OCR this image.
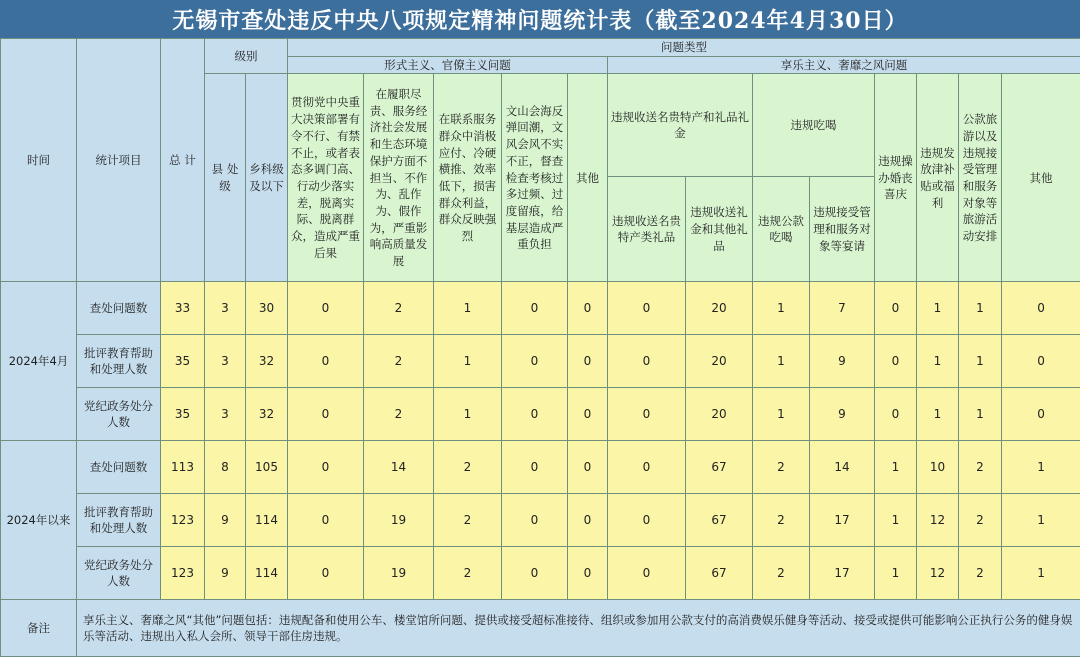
无锡市查处违反中央八项规定精神问题统计表（截至2024年4月30日）
时间	统计项目	总 计	级别		问题类型												
					形式主义、官僚主义问题					享乐主义、奢靡之风问题							
			县 处 级	乡科级及以下	贯彻党中央重大决策部署有令不行、有禁不止，或者表态多调门高、行动少落实差，脱离实际、脱离群众，造成严重后果	在履职尽责、服务经济社会发展和生态环境保护方面不担当、不作为、乱作为、假作为，严重影响高质量发展	在联系服务群众中消极应付、冷硬横推、效率低下，损害群众利益，群众反映强烈	文山会海反弹回潮，文风会风不实不正，督查检查考核过多过频、过度留痕，给基层造成严重负担	其他	违规收送名贵特产和礼品礼金		违规吃喝		违规操办婚丧喜庆	违规发放津补贴或福利	公款旅游以及违规接受管理和服务对象等旅游活动安排	其他
										违规收送名贵特产类礼品	违规收送礼金和其他礼品	违规公款吃喝	违规接受管理和服务对象等宴请				
2024年4月	查处问题数	33	3	30	0	2	1	0	0	0	20	1	7	0	1	1	0
	批评教育帮助和处理人数	35	3	32	0	2	1	0	0	0	20	1	9	0	1	1	0
	党纪政务处分人数	35	3	32	0	2	1	0	0	0	20	1	9	0	1	1	0
2024年以来	查处问题数	113	8	105	0	14	2	0	0	0	67	2	14	1	10	2	1
	批评教育帮助和处理人数	123	9	114	0	19	2	0	0	0	67	2	17	1	12	2	1
	党纪政务处分人数	123	9	114	0	19	2	0	0	0	67	2	17	1	12	2	1
备注	享乐主义、奢靡之风“其他”问题包括：违规配备和使用公车、楼堂馆所问题、提供或接受超标准接待、组织或参加用公款支付的高消费娱乐健身等活动、接受或提供可能影响公正执行公务的健身娱乐等活动、违规出入私人会所、领导干部住房违规。																
